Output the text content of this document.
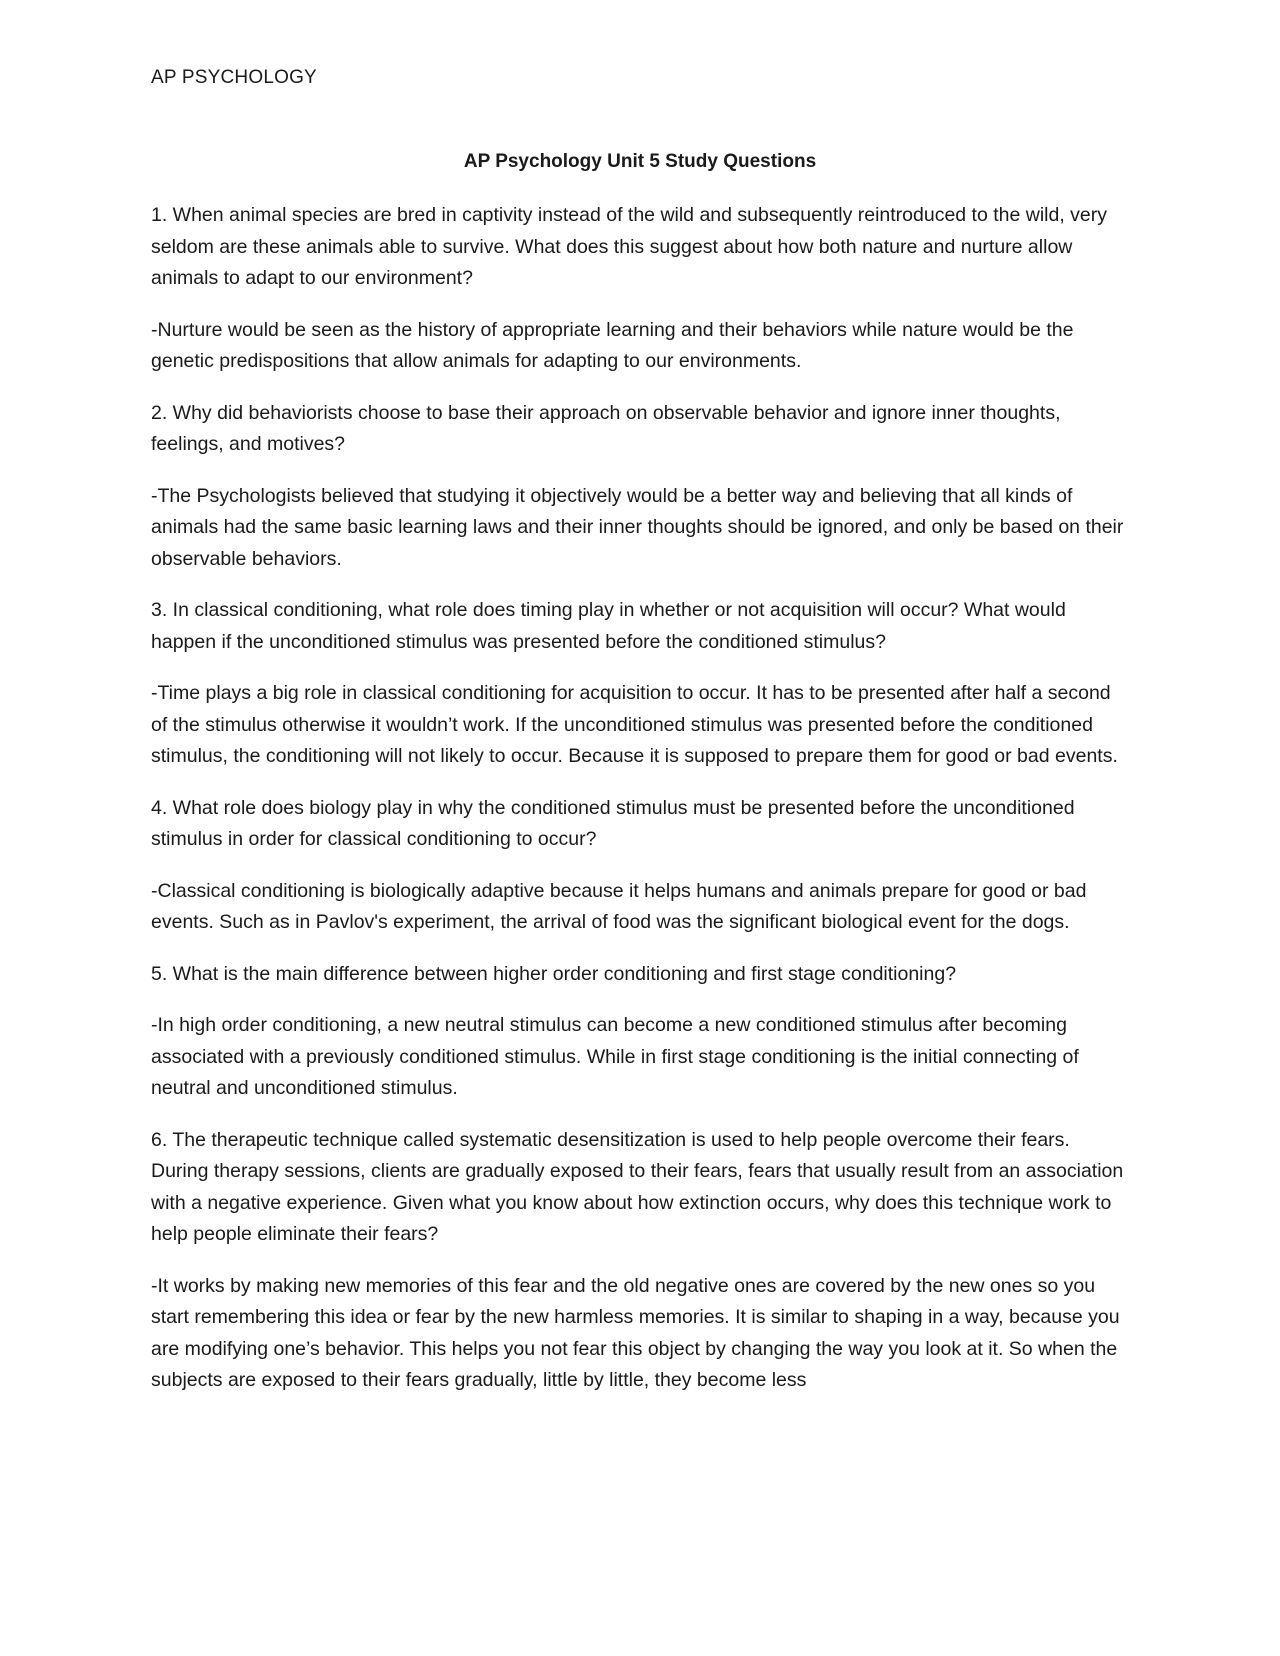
AP PSYCHOLOGY
AP Psychology Unit 5 Study Questions
1. When animal species are bred in captivity instead of the wild and subsequently reintroduced to the wild, very seldom are these animals able to survive. What does this suggest about how both nature and nurture allow animals to adapt to our environment?
-Nurture would be seen as the history of appropriate learning and their behaviors while nature would be the genetic predispositions that allow animals for adapting to our environments.
2. Why did behaviorists choose to base their approach on observable behavior and ignore inner thoughts, feelings, and motives?
-The Psychologists believed that studying it objectively would be a better way and believing that all kinds of animals had the same basic learning laws and their inner thoughts should be ignored, and only be based on their observable behaviors.
3. In classical conditioning, what role does timing play in whether or not acquisition will occur? What would happen if the unconditioned stimulus was presented before the conditioned stimulus?
-Time plays a big role in classical conditioning for acquisition to occur. It has to be presented after half a second of the stimulus otherwise it wouldn’t work. If the unconditioned stimulus was presented before the conditioned stimulus, the conditioning will not likely to occur. Because it is supposed to prepare them for good or bad events.
4. What role does biology play in why the conditioned stimulus must be presented before the unconditioned stimulus in order for classical conditioning to occur?
-Classical conditioning is biologically adaptive because it helps humans and animals prepare for good or bad events. Such as in Pavlov's experiment, the arrival of food was the significant biological event for the dogs.
5. What is the main difference between higher order conditioning and first stage conditioning?
-In high order conditioning, a new neutral stimulus can become a new conditioned stimulus after becoming associated with a previously conditioned stimulus. While in first stage conditioning is the initial connecting of neutral and unconditioned stimulus.
6. The therapeutic technique called systematic desensitization is used to help people overcome their fears. During therapy sessions, clients are gradually exposed to their fears, fears that usually result from an association with a negative experience. Given what you know about how extinction occurs, why does this technique work to help people eliminate their fears?
-It works by making new memories of this fear and the old negative ones are covered by the new ones so you start remembering this idea or fear by the new harmless memories. It is similar to shaping in a way, because you are modifying one’s behavior. This helps you not fear this object by changing the way you look at it. So when the subjects are exposed to their fears gradually, little by little, they become less
